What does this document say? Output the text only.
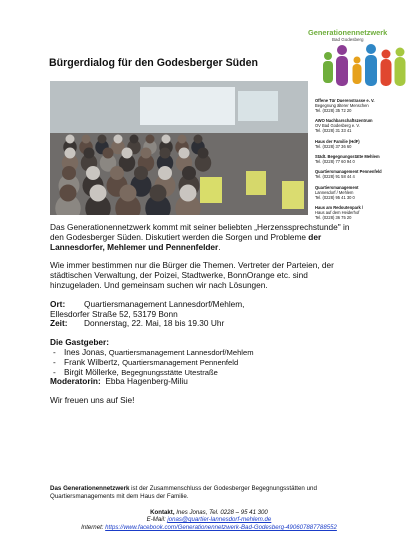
Generationennetzwerk
Bad Godesberg
Bürgerdialog für den Godesberger Süden
Offene Tür Duerenstrasse e. V.
Begegnung älterer Menschen
Tel. (0228) 35 72 20
AWO Nachbarschaftszentrum
OV Bad Godesberg e. V.
Tel. (0228) 31 33 41
Haus der Familie (HdF)
Tel. (0228) 37 36 60
Städt. Begegnungsstätte Mehlem
Tel. (0228) 77 60 94 0
Quartiersmanagement Pennenfeld
Tel. (0228) 91 58 44 4
Quartiersmanagement
Lannesdorf / Mehlem
Tel. (0228) 95 41 30 0
Haus am Redoutenpark /
Haus auf dem Heiderhof
Tel. (0228) 36 75 20

Das Generationennetzwerk kommt mit seiner beliebten „Herzenssprechstunde" in den Godesberger Süden. Diskutiert werden die Sorgen und Probleme der Lannesdorfer, Mehlemer und Pennenfelder.

Wie immer bestimmen nur die Bürger die Themen. Vertreter der Parteien, der städtischen Verwaltung, der Poizei, Stadtwerke, BonnOrange etc. sind hinzugeladen. Und gemeinsam suchen wir nach Lösungen.

Ort: Quartiersmanagement Lannesdorf/Mehlem,
Ellesdorfer Straße 52, 53179 Bonn
Zeit: Donnerstag, 22. Mai, 18 bis 19.30 Uhr
Die Gastgeber:
- Ines Jonas, Quartiersmanagement Lannesdorf/Mehlem
- Frank Wilbertz, Quartiersmanagement Pennenfeld
- Birgit Möllerke, Begegnungsstätte Utestraße
Moderatorin: Ebba Hagenberg-Miliu

Wir freuen uns auf Sie!

Das Generationennetzwerk ist der Zusammenschluss der Godesberger Begegnungsstätten und Quartiersmanagements mit dem Haus der Familie.
Kontakt, Ines Jonas, Tel. 0228 – 95 41 300
E-Mail: jonas@quartier-lannesdorf-mehlem.de
Internet: https://www.facebook.com/Generationennetzwerk-Bad-Godesberg-490607887788552
